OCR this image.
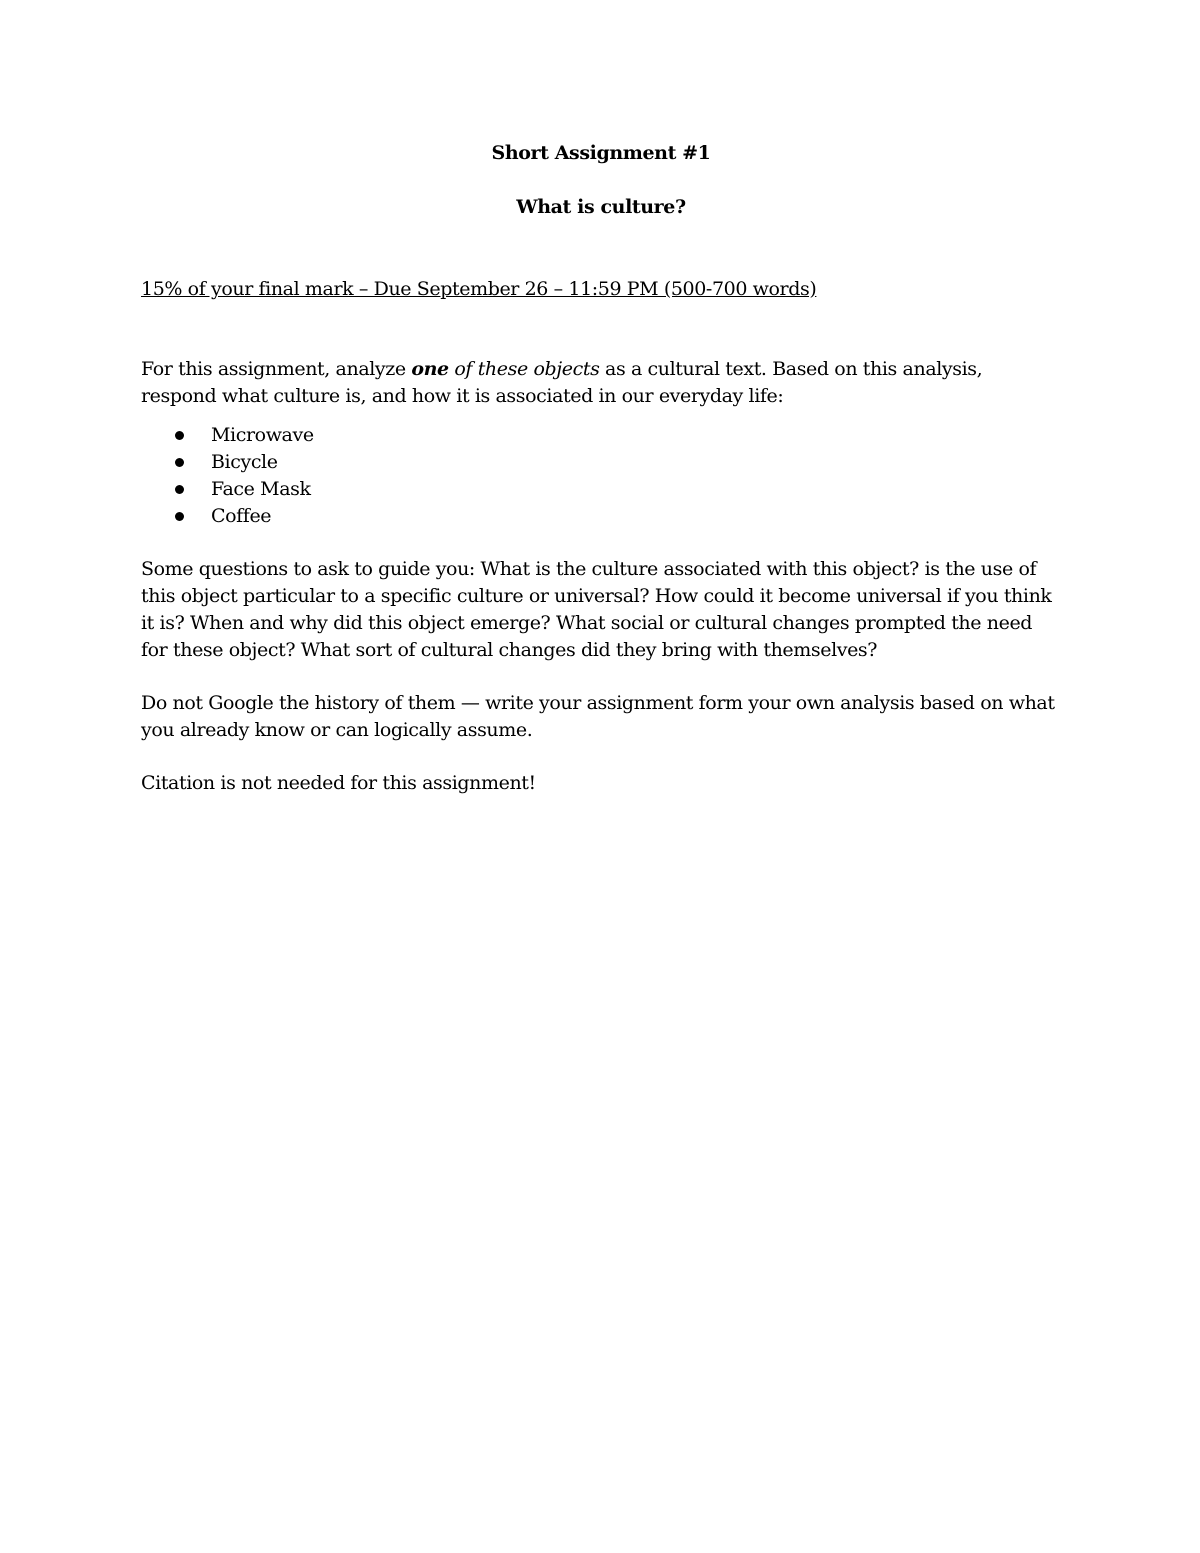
Short Assignment #1

What is culture?

15% of your final mark – Due September 26 – 11:59 PM (500-700 words)

For this assignment, analyze one of these objects as a cultural text. Based on this analysis, respond what culture is, and how it is associated in our everyday life:

Microwave
Bicycle
Face Mask
Coffee

Some questions to ask to guide you: What is the culture associated with this object? is the use of this object particular to a specific culture or universal? How could it become universal if you think it is? When and why did this object emerge? What social or cultural changes prompted the need for these object? What sort of cultural changes did they bring with themselves?

Do not Google the history of them — write your assignment form your own analysis based on what you already know or can logically assume.

Citation is not needed for this assignment!
